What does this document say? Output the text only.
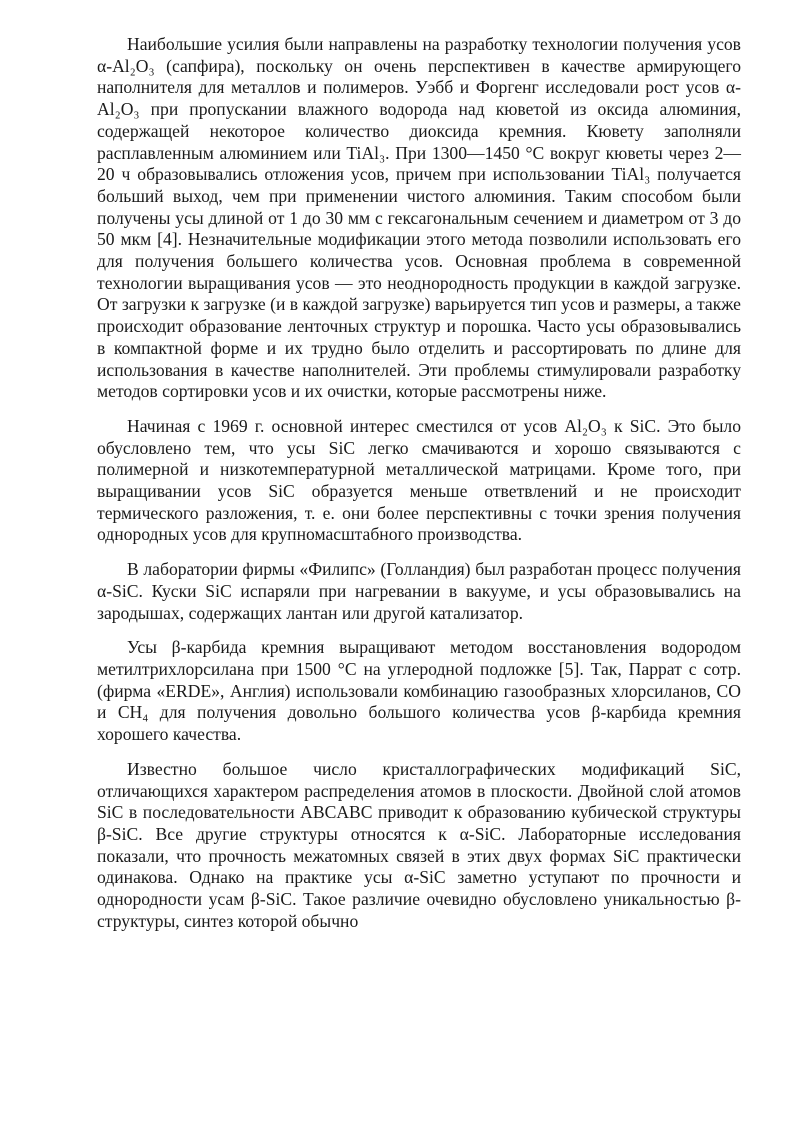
Наибольшие усилия были направлены на разработку технологии получения усов α-Al₂O₃ (сапфира), поскольку он очень перспективен в качестве армирующего наполнителя для металлов и полимеров. Уэбб и Форгенг исследовали рост усов α-Al₂O₃ при пропускании влажного водорода над кюветой из оксида алюминия, содержащей некоторое количество диоксида кремния. Кювету заполняли расплавленным алюминием или TiAl₃. При 1300—1450 °С вокруг кюветы через 2—20 ч образовывались отложения усов, причем при использовании TiAl₃ получается больший выход, чем при применении чистого алюминия. Таким способом были получены усы длиной от 1 до 30 мм с гексагональным сечением и диаметром от 3 до 50 мкм [4]. Незначительные модификации этого метода позволили использовать его для получения большего количества усов. Основная проблема в современной технологии выращивания усов — это неоднородность продукции в каждой загрузке. От загрузки к загрузке (и в каждой загрузке) варьируется тип усов и размеры, а также происходит образование ленточных структур и порошка. Часто усы образовывались в компактной форме и их трудно было отделить и рассортировать по длине для использования в качестве наполнителей. Эти проблемы стимулировали разработку методов сортировки усов и их очистки, которые рассмотрены ниже.

Начиная с 1969 г. основной интерес сместился от усов Al₂O₃ к SiC. Это было обусловлено тем, что усы SiC легко смачиваются и хорошо связываются с полимерной и низкотемпературной металлической матрицами. Кроме того, при выращивании усов SiC образуется меньше ответвлений и не происходит термического разложения, т. е. они более перспективны с точки зрения получения однородных усов для крупномасштабного производства.

В лаборатории фирмы «Филипс» (Голландия) был разработан процесс получения α-SiC. Куски SiC испаряли при нагревании в вакууме, и усы образовывались на зародышах, содержащих лантан или другой катализатор.

Усы β-карбида кремния выращивают методом восстановления водородом метилтрихлорсилана при 1500 °С на углеродной подложке [5]. Так, Паррат с сотр. (фирма «ERDE», Англия) использовали комбинацию газообразных хлорсиланов, CO и CH₄ для получения довольно большого количества усов β-карбида кремния хорошего качества.

Известно большое число кристаллографических модификаций SiC, отличающихся характером распределения атомов в плоскости. Двойной слой атомов SiC в последовательности ABCABC приводит к образованию кубической структуры β-SiC. Все другие структуры относятся к α-SiC. Лабораторные исследования показали, что прочность межатомных связей в этих двух формах SiC практически одинакова. Однако на практике усы α-SiC заметно уступают по прочности и однородности усам β-SiC. Такое различие очевидно обусловлено уникальностью β-структуры, синтез которой обычно
